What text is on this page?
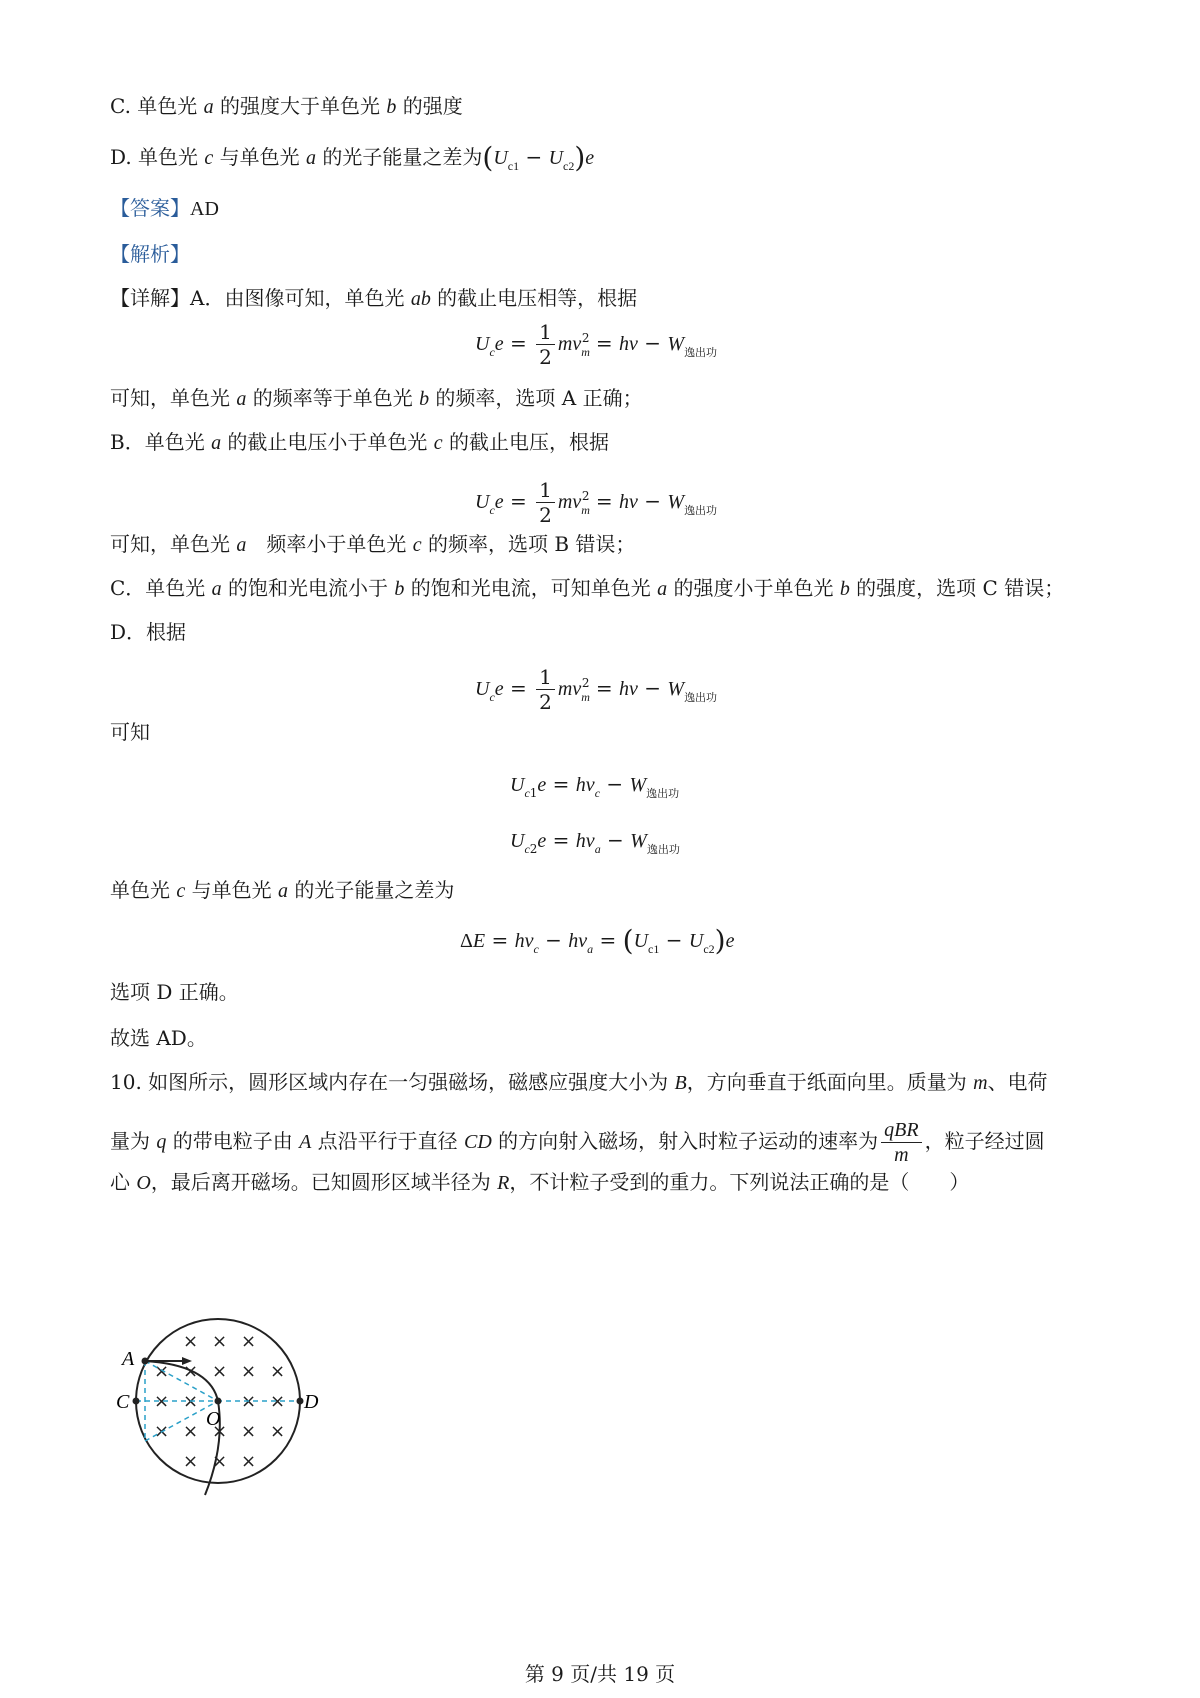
C. 单色光 a 的强度大于单色光 b 的强度
D. 单色光 c 与单色光 a 的光子能量之差为$(U_{c1} - U_{c2})e$
【答案】AD
【解析】
【详解】A．由图像可知，单色光 ab 的截止电压相等，根据
$U_ce = \frac{1}{2} mv_m^2 = h\nu - W_{逸出功}$
可知，单色光 a 的频率等于单色光 b 的频率，选项 A 正确；
B．单色光 a 的截止电压小于单色光 c 的截止电压，根据
$U_ce = \frac{1}{2} mv_m^2 = h\nu - W_{逸出功}$
可知，单色光 a　频率小于单色光 c 的频率，选项 B 错误；
C．单色光 a 的饱和光电流小于 b 的饱和光电流，可知单色光 a 的强度小于单色光 b 的强度，选项 C 错误；
D．根据
$U_ce = \frac{1}{2} mv_m^2 = h\nu - W_{逸出功}$
可知
$U_{c1}e = h\nu_c - W_{逸出功}$
$U_{c2}e = h\nu_a - W_{逸出功}$
单色光 c 与单色光 a 的光子能量之差为
$\Delta E = h\nu_c - h\nu_a = (U_{c1} - U_{c2})e$
选项 D 正确。
故选 AD。
10. 如图所示，圆形区域内存在一匀强磁场，磁感应强度大小为 B，方向垂直于纸面向里。质量为 m、电荷
量为 q 的带电粒子由 A 点沿平行于直径 CD 的方向射入磁场，射入时粒子运动的速率为 $\frac{\text{qBR}}{m}$ ，粒子经过圆
心 O，最后离开磁场。已知圆形区域半径为 R，不计粒子受到的重力。下列说法正确的是（　　）
× × ×
× × × × ×
× × × ×
× × × × ×
× × ×
A
C	D
O
第 9 页/共 19 页
